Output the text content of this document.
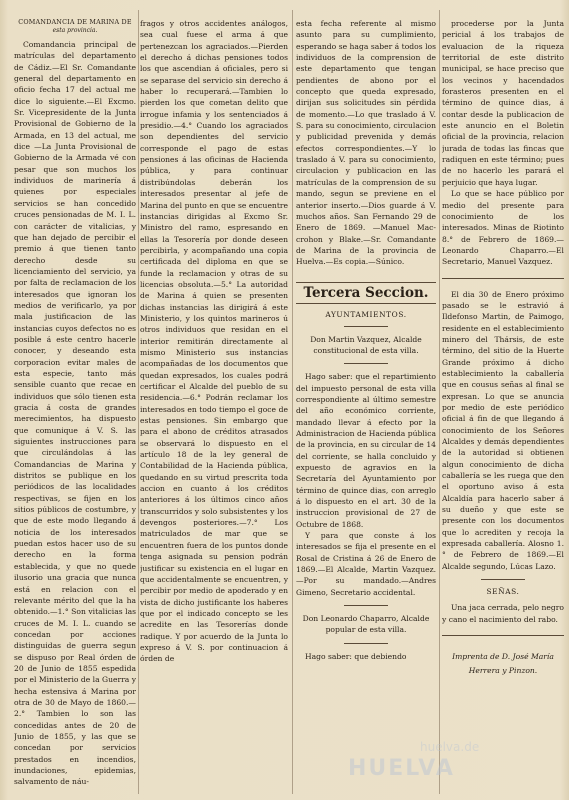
COMANDANCIA DE MARINA DE
esta provincia.

Comandancia principal de matrículas del departamento de Cádiz.—El Sr. Comandante general del departamento en oficio fecha 17 del actual me dice lo siguiente.—El Excmo. Sr. Vicepresidente de la Junta Provisional de Gobierno de la Armada, en 13 del actual, me dice —La Junta Provisional de Gobierno de la Armada vé con pesar que son muchos los individuos de marinería á quienes por especiales servicios se han concedido cruces pensionadas de M. I. L. con carácter de vitalicias, y que han dejado de percibir el premio á que tienen tanto derecho desde su licenciamiento del servicio, ya por falta de reclamacion de los interesados que ignoran los medios de verificarlo, ya por mala justificacion de las instancias cuyos defectos no es posible á este centro hacerle conocer, y deseando esta corporacion evitar males de esta especie, tanto más sensible cuanto que recae en individuos que sólo tienen esta gracia á costa de grandes merecimientos, ha dispuesto que comunique á V. S. las siguientes instrucciones para que circulándolas á las Comandancias de Marina y distritos se publique en los periódicos de las localidades respectivas, se fijen en los sitios públicos de costumbre, y que de este modo llegando á noticia de los interesados puedan estos hacer uso de su derecho en la forma establecida, y que no quede ilusorio una gracia que nunca está en relacion con el relevante mérito del que la ha obtenido.—1.° Son vitalicias las cruces de M. I. L. cuando se concedan por acciones distinguidas de guerra segun se dispuso por Real órden de 20 de Junio de 1855 espedida por el Ministerio de la Guerra y hecha estensiva á Marina por otra de 30 de Mayo de 1860.—2.° Tambien lo son las concedidas antes de 20 de Junio de 1855, y las que se concedan por servicios prestados en incendios, inundaciones, epidemias, salvamento de náu-

fragos y otros accidentes análogos, sea cual fuese el arma á que pertenezcan los agraciados.—Pierden el derecho á dichas pensiones todos los que ascendian á oficiales, pero si se separase del servicio sin derecho á haber lo recuperará.—Tambien lo pierden los que cometan delito que irrogue infamia y los sentenciados á presidio.—4.° Cuando los agraciados son dependientes del servicio corresponde el pago de estas pensiones á las oficinas de Hacienda pública, y para continuar distribúndolas deberán los interesados presentar al jefe de Marina del punto en que se encuentre instancias dirigidas al Excmo Sr. Ministro del ramo, espresando en ellas la Tesorería por donde deseen percibirla, y acompañando una copia certificada del diploma en que se funde la reclamacion y otras de su licencias obsoluta.—5.° La autoridad de Marina á quien se presenten dichas instancias las dirigirá á este Ministerio, y los quintos marineros ú otros individuos que residan en el interior remitirán directamente al mismo Ministerio sus instancias acompañadas de los documentos que quedan expresados, los cuales podrá certificar el Alcalde del pueblo de su residencia.—6.° Podrán reclamar los interesados en todo tiempo el goce de estas pensiones. Sin embargo que para el abono de créditos atrasados se observará lo dispuesto en el artículo 18 de la ley general de Contabilidad de la Hacienda pública, quedando en su virtud prescrita toda accion en cuanto á los créditos anteriores á los últimos cinco años transcurridos y solo subsistentes y los devengos posteriores.—7.° Los matriculados de mar que se encuentren fuera de los puntos donde tenga asignada su pension podrán justificar su existencia en el lugar en que accidentalmente se encuentren, y percibir por medio de apoderado y en vista de dicho justificante los haberes que por el indicado concepto se les acredite en las Tesorerías donde radique. Y por acuerdo de la Junta lo expreso á V. S. por continuacion á órden de

esta fecha referente al mismo asunto para su cumplimiento, esperando se haga saber á todos los individuos de la comprension de este departamento que tengan pendientes de abono por el concepto que queda expresado, dirijan sus solicitudes sin pérdida de momento.—Lo que traslado á V. S. para su conocimiento, circulacion y publicidad prevenida y demás efectos correspondientes.—Y lo traslado á V. para su conocimiento, circulacion y publicacion en las matrículas de la comprension de su mando, segun se previene en el anterior inserto.—Dios guarde á V. muchos años. San Fernando 29 de Enero de 1869. —Manuel Mac-crohon y Blake.—Sr. Comandante de Marina de la provincia de Huelva.—Es copia.—Súnico.

Tercera Seccion.
AYUNTAMIENTOS.

Don Martin Vazquez, Alcalde constitucional de esta villa.

Hago saber: que el repartimiento del impuesto personal de esta villa correspondiente al último semestre del año económico corriente, mandado llevar á efecto por la Administracion de Hacienda pública de la provincia, en su circular de 14 del corriente, se halla concluido y expuesto de agravios en la Secretaría del Ayuntamiento por término de quince dias, con arreglo á lo dispuesto en el art. 30 de la instruccion provisional de 27 de Octubre de 1868.

Y para que conste á los interesados se fija el presente en el Rosal de Cristina á 26 de Enero de 1869.—El Alcalde, Martin Vazquez.—Por su mandado.—Andres Gimeno, Secretario accidental.

Don Leonardo Chaparro, Alcalde popular de esta villa.

Hago saber: que debiendo

procederse por la Junta pericial á los trabajos de evaluacion de la riqueza territorial de este distrito municipal, se hace preciso que los vecinos y hacendados forasteros presenten en el término de quince dias, á contar desde la publicacion de este anuncio en el Boletin oficial de la provincia, relacion jurada de todas las fincas que radiquen en este término; pues de no hacerlo les parará el perjuicio que haya lugar.

Lo que se hace público por medio del presente para conocimiento de los interesados. Minas de Riotinto 8.° de Febrero de 1869.—Leonardo Chaparro.—El Secretario, Manuel Vazquez.

El dia 30 de Enero próximo pasado se le estravió á Ildefonso Martin, de Paimogo, residente en el establecimiento minero del Thársis, de este término, del sitio de la Huerte Grande próximo á dicho establecimiento la caballería que en cousus señas al final se expresan. Lo que se anuncia por medio de este periódico oficial á fin de que llegando á conocimiento de los Señores Alcaldes y demás dependientes de la autoridad si obtienen algun conocimiento de dicha caballería se les ruega que den el oportuno aviso á esta Alcaldía para hacerlo saber á su dueño y que este se presente con los documentos que lo acrediten y recoja la expresada caballería. Alosno 1.° de Febrero de 1869.—El Alcalde segundo, Lúcas Lazo.

SEÑAS.

Una jaca cerrada, pelo negro y cano el nacimiento del rabo.

Imprenta de D. José María
Herrera y Pinzon.
huelva.de
HUELVA
